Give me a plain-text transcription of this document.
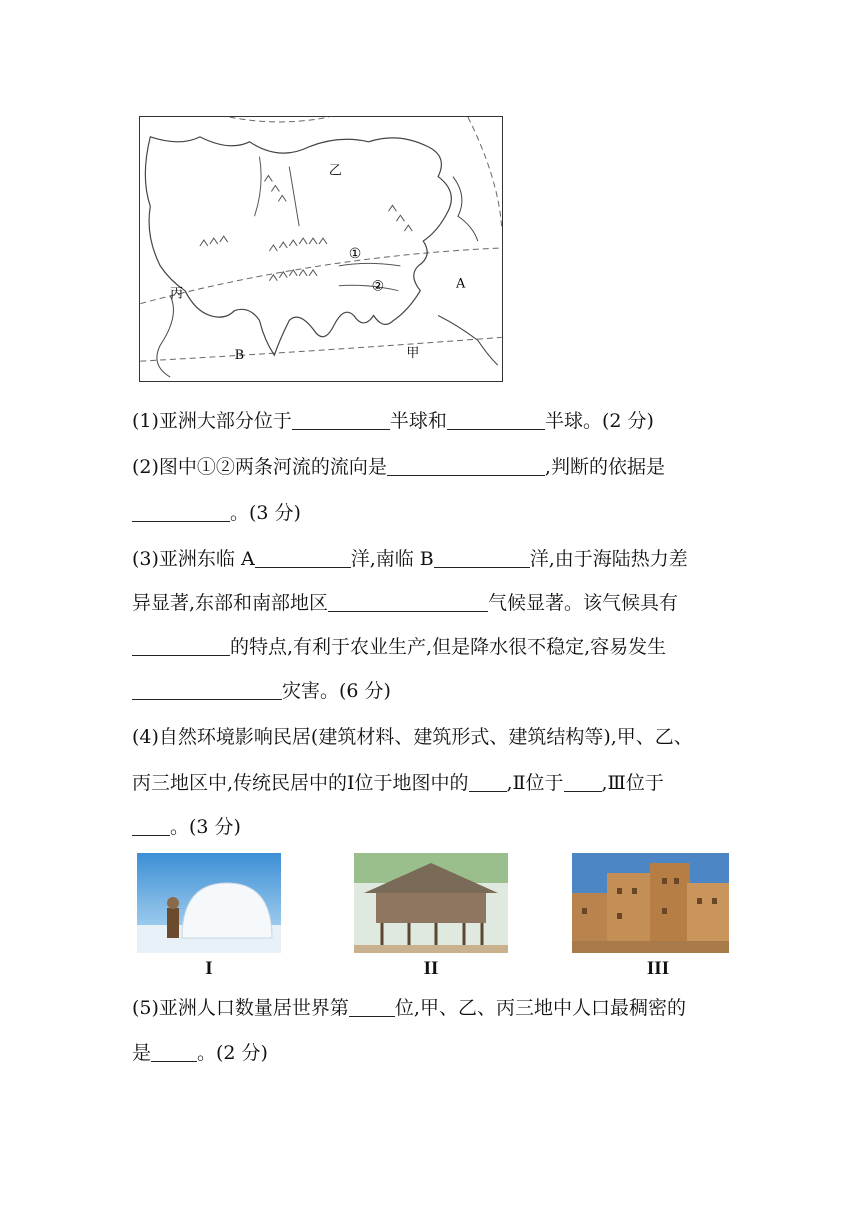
乙
丙
甲
①
②	A
B
(1)亚洲大部分位于	半球和	半球。(2 分)
(2)图中①②两条河流的流向是	,判断的依据是
。(3 分)
(3)亚洲东临 A	洋,南临 B	洋,由于海陆热力差
异显著,东部和南部地区	气候显著。该气候具有
的特点,有利于农业生产,但是降水很不稳定,容易发生
灾害。(6 分)
(4)自然环境影响民居(建筑材料、建筑形式、建筑结构等),甲、乙、
丙三地区中,传统民居中的Ⅰ位于地图中的 ,Ⅱ位于 ,Ⅲ位于
。(3 分)
I	II	III
(5)亚洲人口数量居世界第 位,甲、乙、丙三地中人口最稠密的
是 。(2 分)
